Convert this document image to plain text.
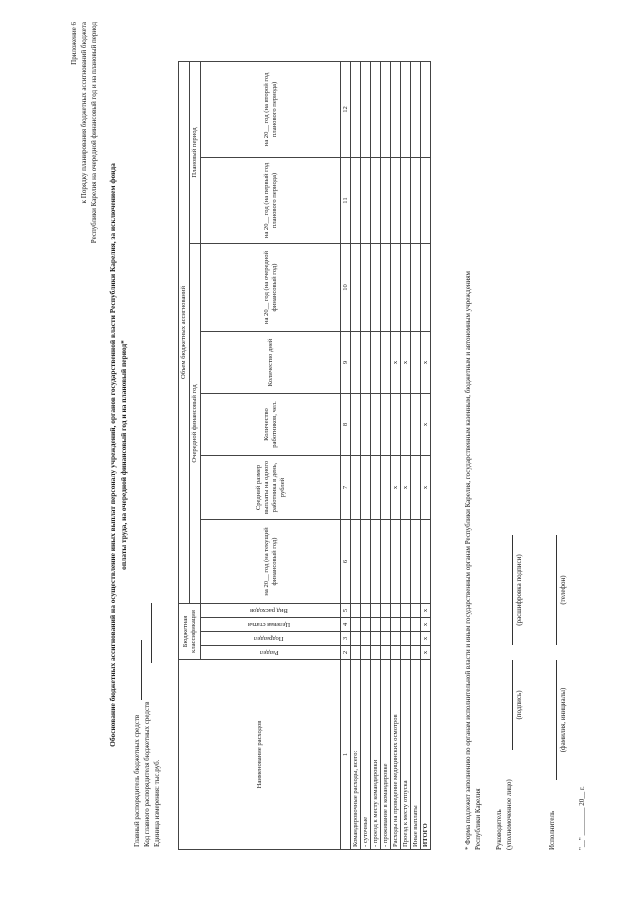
Приложение 6 к Порядку планирования бюджетных ассигнований бюджета Республики Карелия на очередной финансовый год и на плановый период
Обоснование бюджетных ассигнований на осуществление иных выплат персоналу учреждений, органов государственной власти Республики Карелия, за исключением фонда оплаты труда, на очередной финансовый год и на плановый период*
Главный распорядитель бюджетных средств Код главного распорядителя бюджетных средств Единица измерения: тыс.руб.
Наименование расходов	Бюджетная классификация				Объем бюджетных ассигнований						
					Очередной финансовый год					Плановый период	
	Раздел	Подраздел	Целевая статья	Вид расходов	на 20__ год (на текущий финансовый год)	Средний размер выплаты на одного работника в день, рублей	Количество работников, чел.	Количество дней	на 20__ год (на очередной финансовый год)	на 20__ год (на первый год планового периода)	на 20__ год (на второй год планового периода)
1	2	3	4	5	6	7	8	9	10	11	12
Командировочные расходы, всего:											
- суточные											
- проезд к месту командировки											
- проживание в командировке											
Расходы на проведение медицинских осмотров						х		х			
Проезд к месту отпуска						х		х			
Иные выплаты											
ИТОГО	х	х	х	х		х	х	х				* Форма подлежит заполнению по органам исполнительной власти и иным государственным органам Республики Карелия, государственным казенным, бюджетным и автономным учреждениям Республики Карелия Руководитель (уполномоченное лицо)
(подпись)
(расшифровка подписи)
Исполнитель
(фамилия, инициалы)
(телефон)
"__" ________ 20__ г.
